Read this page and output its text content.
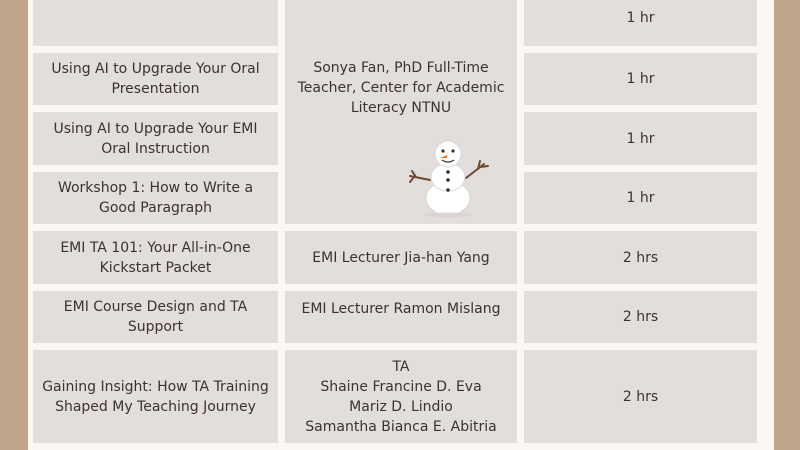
1 hr
Sonya Fan, PhD Full-Time Teacher, Center for Academic Literacy NTNU
Using AI to Upgrade Your Oral Presentation
1 hr
Using AI to Upgrade Your EMI Oral Instruction
1 hr
Workshop 1: How to Write a Good Paragraph
1 hr
EMI TA 101: Your All-in-One Kickstart Packet
EMI Lecturer Jia-han Yang	2 hrs
EMI Course Design and TA Support
EMI Lecturer Ramon Mislang	2 hrs
Gaining Insight: How TA Training Shaped My Teaching Journey
TA
Shaine Francine D. Eva
Mariz D. Lindio
Samantha Bianca E. Abitria
2 hrs
